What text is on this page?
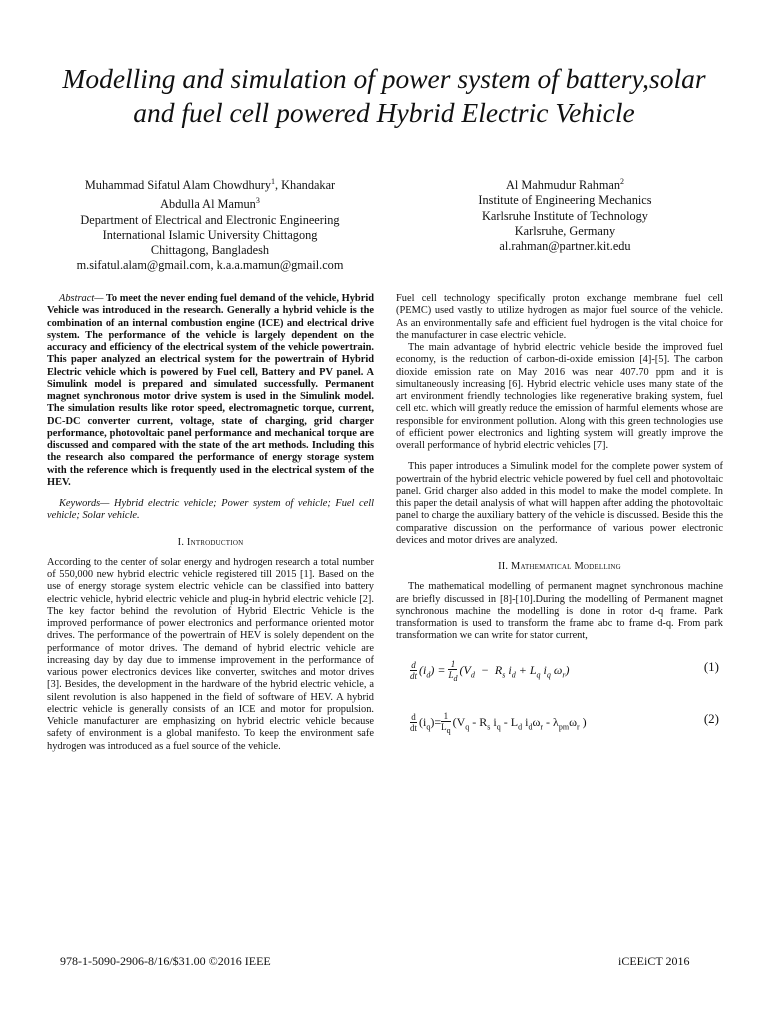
Modelling and simulation of power system of battery,solar
and fuel cell powered Hybrid Electric Vehicle
Muhammad Sifatul Alam Chowdhury$^1$, Khandakar
Abdulla Al Mamun$^3$
Department of Electrical and Electronic Engineering
International Islamic University Chittagong
Chittagong, Bangladesh
m.sifatul.alam@gmail.com, k.a.a.mamun@gmail.com
Al Mahmudur Rahman$^2$
Institute of Engineering Mechanics
Karlsruhe Institute of Technology
Karlsruhe, Germany
al.rahman@partner.kit.edu

Abstract— To meet the never ending fuel demand of the vehicle, Hybrid Vehicle was introduced in the research. Generally a hybrid vehicle is the combination of an internal combustion engine (ICE) and electrical drive system. The performance of the vehicle is largely dependent on the accuracy and efficiency of the electrical system of the vehicle powertrain. This paper analyzed an electrical system for the powertrain of Hybrid Electric vehicle which is powered by Fuel cell, Battery and PV panel. A Simulink model is prepared and simulated successfully. Permanent magnet synchronous motor drive system is used in the Simulink model. The simulation results like rotor speed, electromagnetic torque, current, DC-DC converter current, voltage, state of charging, grid charger performance, photovoltaic panel performance and mechanical torque are discussed and compared with the state of the art methods. Including this the research also compared the performance of energy storage system with the reference which is frequently used in the electrical system of the HEV.

Keywords— Hybrid electric vehicle; Power system of vehicle; Fuel cell vehicle; Solar vehicle.

I. Introduction

According to the center of solar energy and hydrogen research a total number of 550,000 new hybrid electric vehicle registered till 2015 [1]. Based on the use of energy storage system electric vehicle can be classified into battery electric vehicle, hybrid electric vehicle and plug-in hybrid electric vehicle [2]. The key factor behind the revolution of Hybrid Electric Vehicle is the improved performance of power electronics and performance oriented motor drives. The performance of the powertrain of HEV is solely dependent on the performance of motor drives. The demand of hybrid electric vehicle are increasing day by day due to immense improvement in the performance of various power electronics devices like converter, switches and motor drives [3]. Besides, the development in the hardware of the hybrid electric vehicle, a silent revolution is also happened in the field of software of HEV. A hybrid electric vehicle is generally consists of an ICE and motor for propulsion. Vehicle manufacturer are emphasizing on hybrid electric vehicle because safety of environment is a global manifesto. To keep the environment safe hydrogen was introduced as a fuel source of the vehicle.

Fuel cell technology specifically proton exchange membrane fuel cell (PEMC) used vastly to utilize hydrogen as major fuel source of the vehicle. As an environmentally safe and efficient fuel hydrogen is the vital choice for the manufacturer in case electric vehicle.

The main advantage of hybrid electric vehicle beside the improved fuel economy, is the reduction of carbon-di-oxide emission [4]-[5]. The carbon dioxide emission rate on May 2016 was near 407.70 ppm and it is simultaneously increasing [6]. Hybrid electric vehicle uses many state of the art environment friendly technologies like regenerative braking system, fuel cell etc. which will greatly reduce the emission of harmful elements whose are responsible for environment pollution. Along with this green technologies use of efficient power electronics and lighting system will greatly improve the overall performance of hybrid electric vehicles [7].

This paper introduces a Simulink model for the complete power system of powertrain of the hybrid electric vehicle powered by fuel cell and photovoltaic panel. Grid charger also added in this model to make the model complete. In this paper the detail analysis of what will happen after adding the photovoltaic panel to charge the auxiliary battery of the vehicle is discussed. Beside this the comparative discussion on the performance of various power electronic devices and motor drives are analyzed.

II. Mathematical Modelling

The mathematical modelling of permanent magnet synchronous machine are briefly discussed in [8]-[10].During the modelling of Permanent magnet synchronous machine the modelling is done in rotor d-q frame. Park transformation is used to transform the frame abc to frame d-q. From park transformation we can write for stator current,

$\frac{d}{dt} (i_d) = \frac{1}{L_d} (V_d - R_s$ $i_d + L_q$ $i_q$ $\omega_r$)	(1)
$\frac{d}{dt} (i_q)= \frac{1}{L_q} (V_q - R_s$ $i_q - L_d$ $i_d\omega_r - \lambda_{pm}\omega_r$ )	(2)
978-1-5090-2906-8/16/$31.00 ©2016 IEEE	iCEEiCT 2016
